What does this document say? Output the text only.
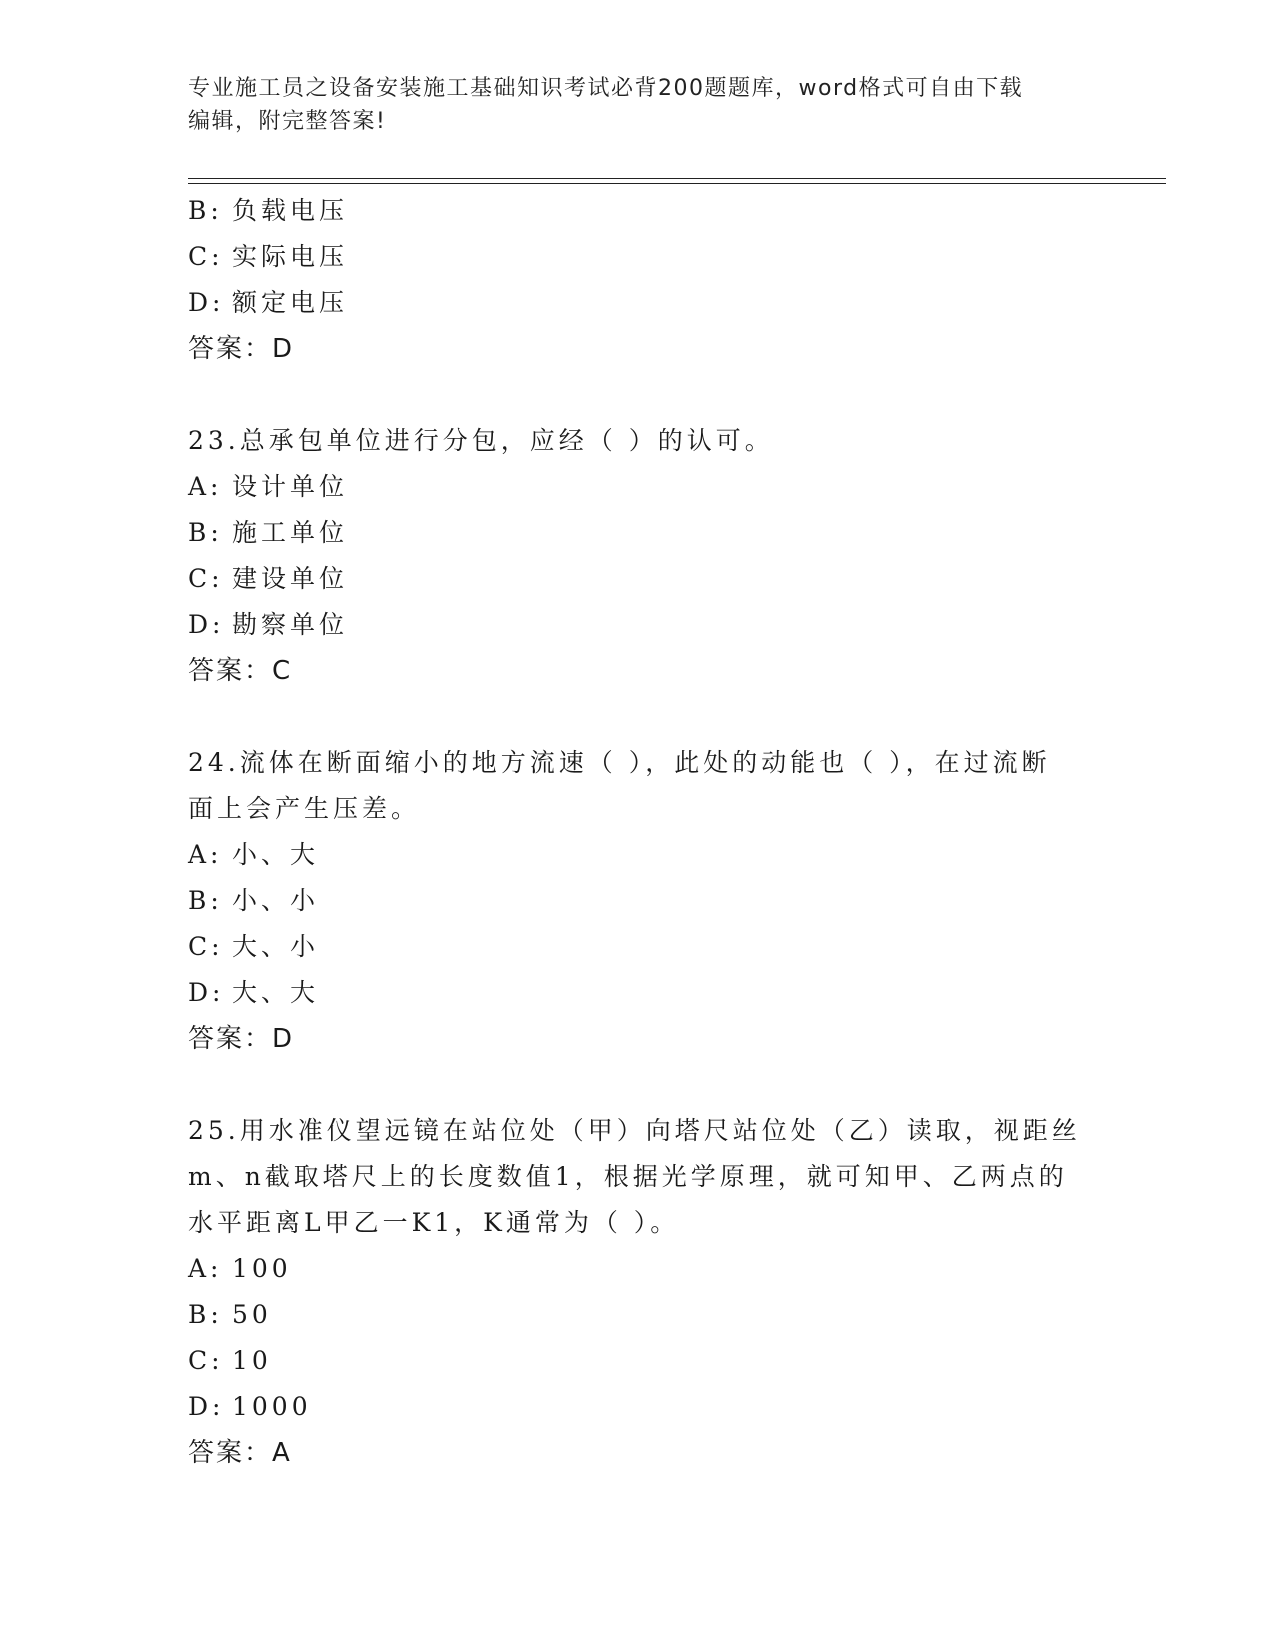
专业施工员之设备安装施工基础知识考试必背200题题库，word格式可自由下载
编辑，附完整答案!
B: 负载电压
C: 实际电压
D: 额定电压
答案：D
23.总承包单位进行分包，应经（ ）的认可。
A: 设计单位
B: 施工单位
C: 建设单位
D: 勘察单位
答案：C
24.流体在断面缩小的地方流速（ ），此处的动能也（ ），在过流断
面上会产生压差。
A: 小、大
B: 小、小
C: 大、小
D: 大、大
答案：D
25.用水准仪望远镜在站位处（甲）向塔尺站位处（乙）读取，视距丝
m、n截取塔尺上的长度数值1，根据光学原理，就可知甲、乙两点的
水平距离L甲乙一K1，K通常为（ ）。
A: 100
B: 50
C: 10
D: 1000
答案：A
